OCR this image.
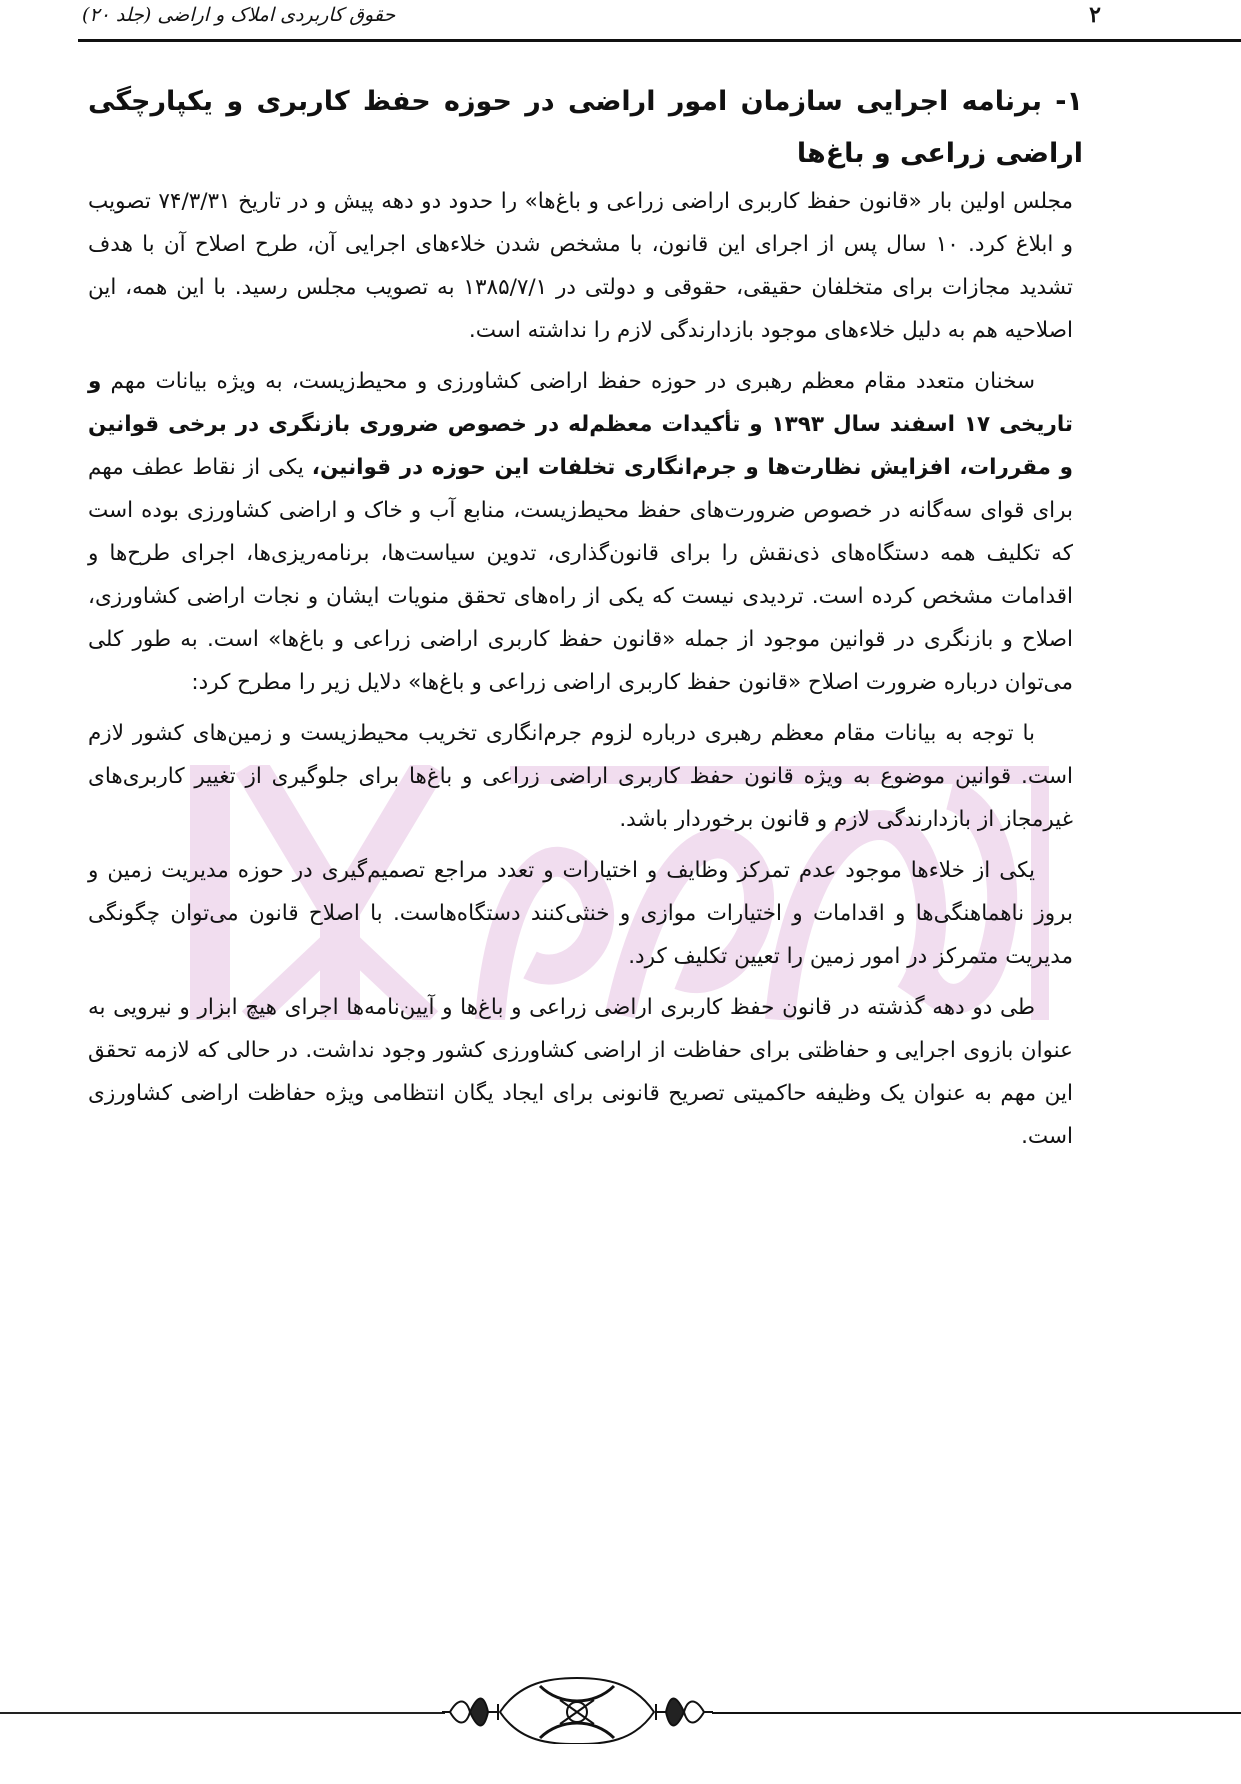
حقوق کاربردی املاک و اراضی (جلد ۲۰)	۲
۱- برنامه اجرایی سازمان امور اراضی در حوزه حفظ کاربری و یکپارچگی اراضی زراعی و باغ‌ها

مجلس اولین بار «قانون حفظ کاربری اراضی زراعی و باغ‌ها» را حدود دو دهه پیش و در تاریخ ۷۴/۳/۳۱ تصویب و ابلاغ کرد. ۱۰ سال پس از اجرای این قانون، با مشخص شدن خلاءهای اجرایی آن، طرح اصلاح آن با هدف تشدید مجازات برای متخلفان حقیقی، حقوقی و دولتی در ۱۳۸۵/۷/۱ به تصویب مجلس رسید. با این همه، این اصلاحیه هم به دلیل خلاءهای موجود بازدارندگی لازم را نداشته است.

سخنان متعدد مقام معظم رهبری در حوزه حفظ اراضی کشاورزی و محیط‌زیست، به ویژه بیانات مهم و تاریخی ۱۷ اسفند سال ۱۳۹۳ و تأکیدات معظم‌له در خصوص ضروری بازنگری در برخی قوانین و مقررات، افزایش نظارت‌ها و جرم‌انگاری تخلفات این حوزه در قوانین، یکی از نقاط عطف مهم برای قوای سه‌گانه در خصوص ضرورت‌های حفظ محیط‌زیست، منابع آب و خاک و اراضی کشاورزی بوده است که تکلیف همه دستگاه‌های ذی‌نقش را برای قانون‌گذاری، تدوین سیاست‌ها، برنامه‌ریزی‌ها، اجرای طرح‌ها و اقدامات مشخص کرده است. تردیدی نیست که یکی از راه‌های تحقق منویات ایشان و نجات اراضی کشاورزی، اصلاح و بازنگری در قوانین موجود از جمله «قانون حفظ کاربری اراضی زراعی و باغ‌ها» است. به طور کلی می‌توان درباره ضرورت اصلاح «قانون حفظ کاربری اراضی زراعی و باغ‌ها» دلایل زیر را مطرح کرد:

با توجه به بیانات مقام معظم رهبری درباره لزوم جرم‌انگاری تخریب محیط‌زیست و زمین‌های کشور لازم است. قوانین موضوع به ویژه قانون حفظ کاربری اراضی زراعی و باغ‌ها برای جلوگیری از تغییر کاربری‌های غیرمجاز از بازدارندگی لازم و قانون برخوردار باشد.

یکی از خلاءها موجود عدم تمرکز وظایف و اختیارات و تعدد مراجع تصمیم‌گیری در حوزه مدیریت زمین و بروز ناهماهنگی‌ها و اقدامات و اختیارات موازی و خنثی‌کنند دستگاه‌هاست. با اصلاح قانون می‌توان چگونگی مدیریت متمرکز در امور زمین را تعیین تکلیف کرد.

طی دو دهه گذشته در قانون حفظ کاربری اراضی زراعی و باغ‌ها و آیین‌نامه‌ها اجرای هیچ ابزار و نیرویی به عنوان بازوی اجرایی و حفاظتی برای حفاظت از اراضی کشاورزی کشور وجود نداشت. در حالی که لازمه تحقق این مهم به عنوان یک وظیفه حاکمیتی تصریح قانونی برای ایجاد یگان انتظامی ویژه حفاظت اراضی کشاورزی است.
